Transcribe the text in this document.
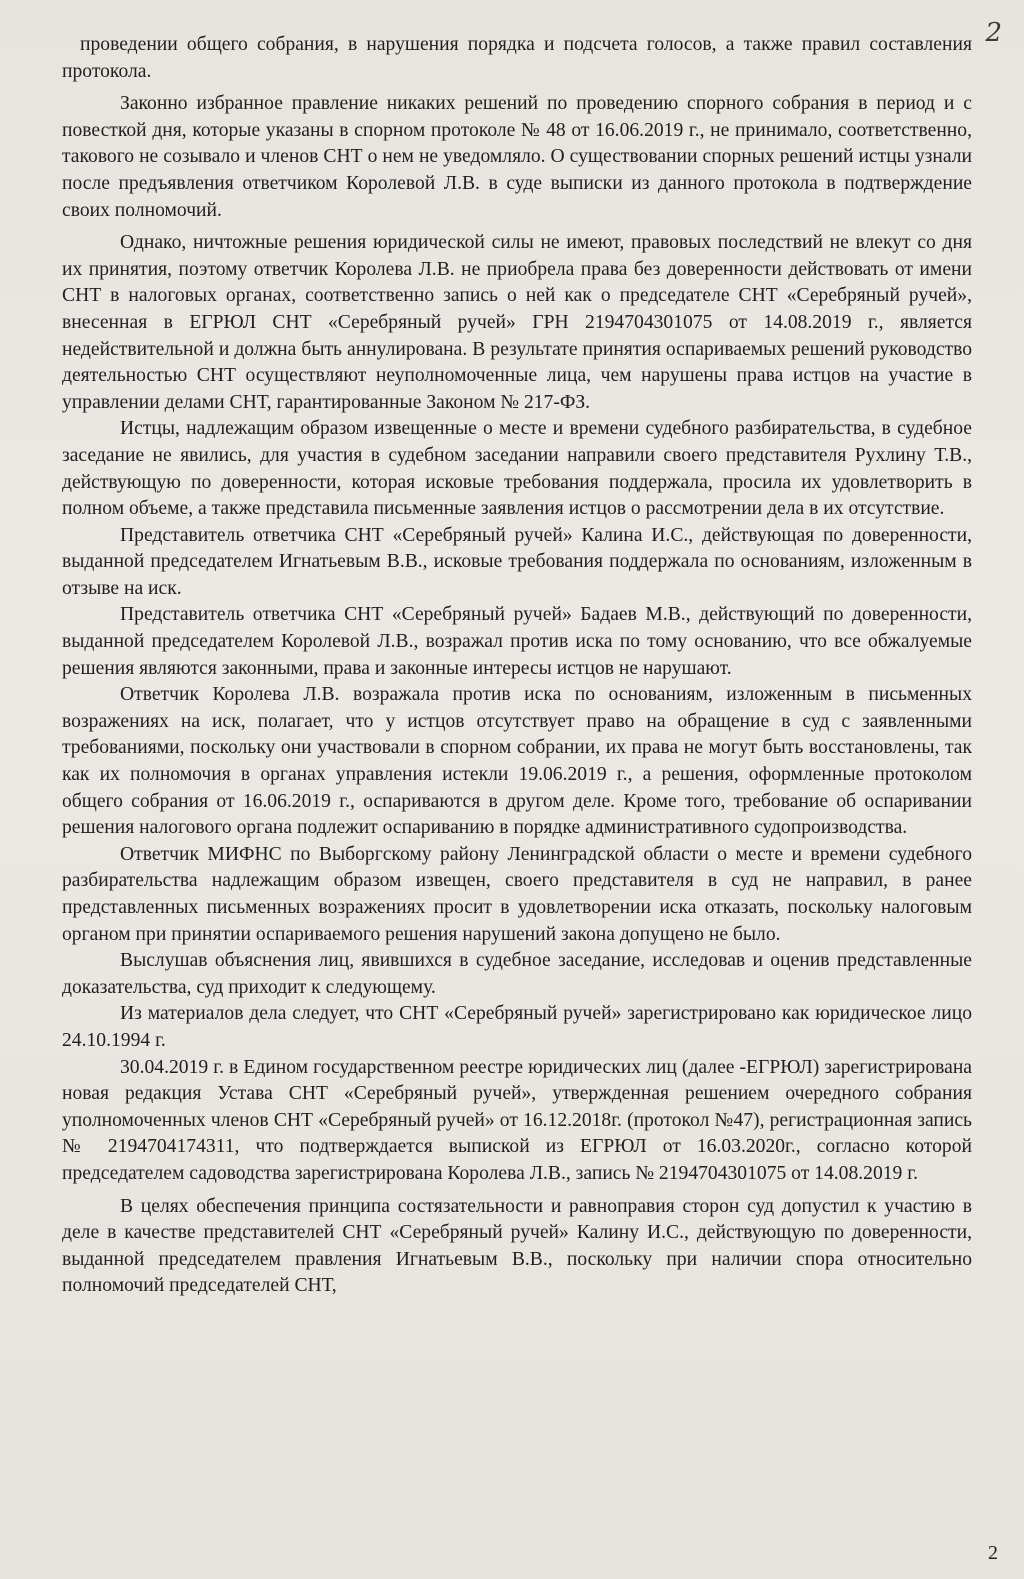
2

проведении общего собрания, в нарушения порядка и подсчета голосов, а также правил составления протокола.

Законно избранное правление никаких решений по проведению спорного собрания в период и с повесткой дня, которые указаны в спорном протоколе № 48 от 16.06.2019 г., не принимало, соответственно, такового не созывало и членов СНТ о нем не уведомляло. О существовании спорных решений истцы узнали после предъявления ответчиком Королевой Л.В. в суде выписки из данного протокола в подтверждение своих полномочий.

Однако, ничтожные решения юридической силы не имеют, правовых последствий не влекут со дня их принятия, поэтому ответчик Королева Л.В. не приобрела права без доверенности действовать от имени СНТ в налоговых органах, соответственно запись о ней как о председателе СНТ «Серебряный ручей», внесенная в ЕГРЮЛ СНТ «Серебряный ручей» ГРН 2194704301075 от 14.08.2019 г., является недействительной и должна быть аннулирована. В результате принятия оспариваемых решений руководство деятельностью СНТ осуществляют неуполномоченные лица, чем нарушены права истцов на участие в управлении делами СНТ, гарантированные Законом № 217-ФЗ.

Истцы, надлежащим образом извещенные о месте и времени судебного разбирательства, в судебное заседание не явились, для участия в судебном заседании направили своего представителя Рухлину Т.В., действующую по доверенности, которая исковые требования поддержала, просила их удовлетворить в полном объеме, а также представила письменные заявления истцов о рассмотрении дела в их отсутствие.

Представитель ответчика СНТ «Серебряный ручей» Калина И.С., действующая по доверенности, выданной председателем Игнатьевым В.В., исковые требования поддержала по основаниям, изложенным в отзыве на иск.

Представитель ответчика СНТ «Серебряный ручей» Бадаев М.В., действующий по доверенности, выданной председателем Королевой Л.В., возражал против иска по тому основанию, что все обжалуемые решения являются законными, права и законные интересы истцов не нарушают.

Ответчик Королева Л.В. возражала против иска по основаниям, изложенным в письменных возражениях на иск, полагает, что у истцов отсутствует право на обращение в суд с заявленными требованиями, поскольку они участвовали в спорном собрании, их права не могут быть восстановлены, так как их полномочия в органах управления истекли 19.06.2019 г., а решения, оформленные протоколом общего собрания от 16.06.2019 г., оспариваются в другом деле. Кроме того, требование об оспаривании решения налогового органа подлежит оспариванию в порядке административного судопроизводства.

Ответчик МИФНС по Выборгскому району Ленинградской области о месте и времени судебного разбирательства надлежащим образом извещен, своего представителя в суд не направил, в ранее представленных письменных возражениях просит в удовлетворении иска отказать, поскольку налоговым органом при принятии оспариваемого решения нарушений закона допущено не было.

Выслушав объяснения лиц, явившихся в судебное заседание, исследовав и оценив представленные доказательства, суд приходит к следующему.

Из материалов дела следует, что СНТ «Серебряный ручей» зарегистрировано как юридическое лицо 24.10.1994 г.

30.04.2019 г. в Едином государственном реестре юридических лиц (далее -ЕГРЮЛ) зарегистрирована новая редакция Устава СНТ «Серебряный ручей», утвержденная решением очередного собрания уполномоченных членов СНТ «Серебряный ручей» от 16.12.2018г. (протокол №47), регистрационная запись № 2194704174311, что подтверждается выпиской из ЕГРЮЛ от 16.03.2020г., согласно которой председателем садоводства зарегистрирована Королева Л.В., запись № 2194704301075 от 14.08.2019 г.

В целях обеспечения принципа состязательности и равноправия сторон суд допустил к участию в деле в качестве представителей СНТ «Серебряный ручей» Калину И.С., действующую по доверенности, выданной председателем правления Игнатьевым В.В., поскольку при наличии спора относительно полномочий председателей СНТ,

2
